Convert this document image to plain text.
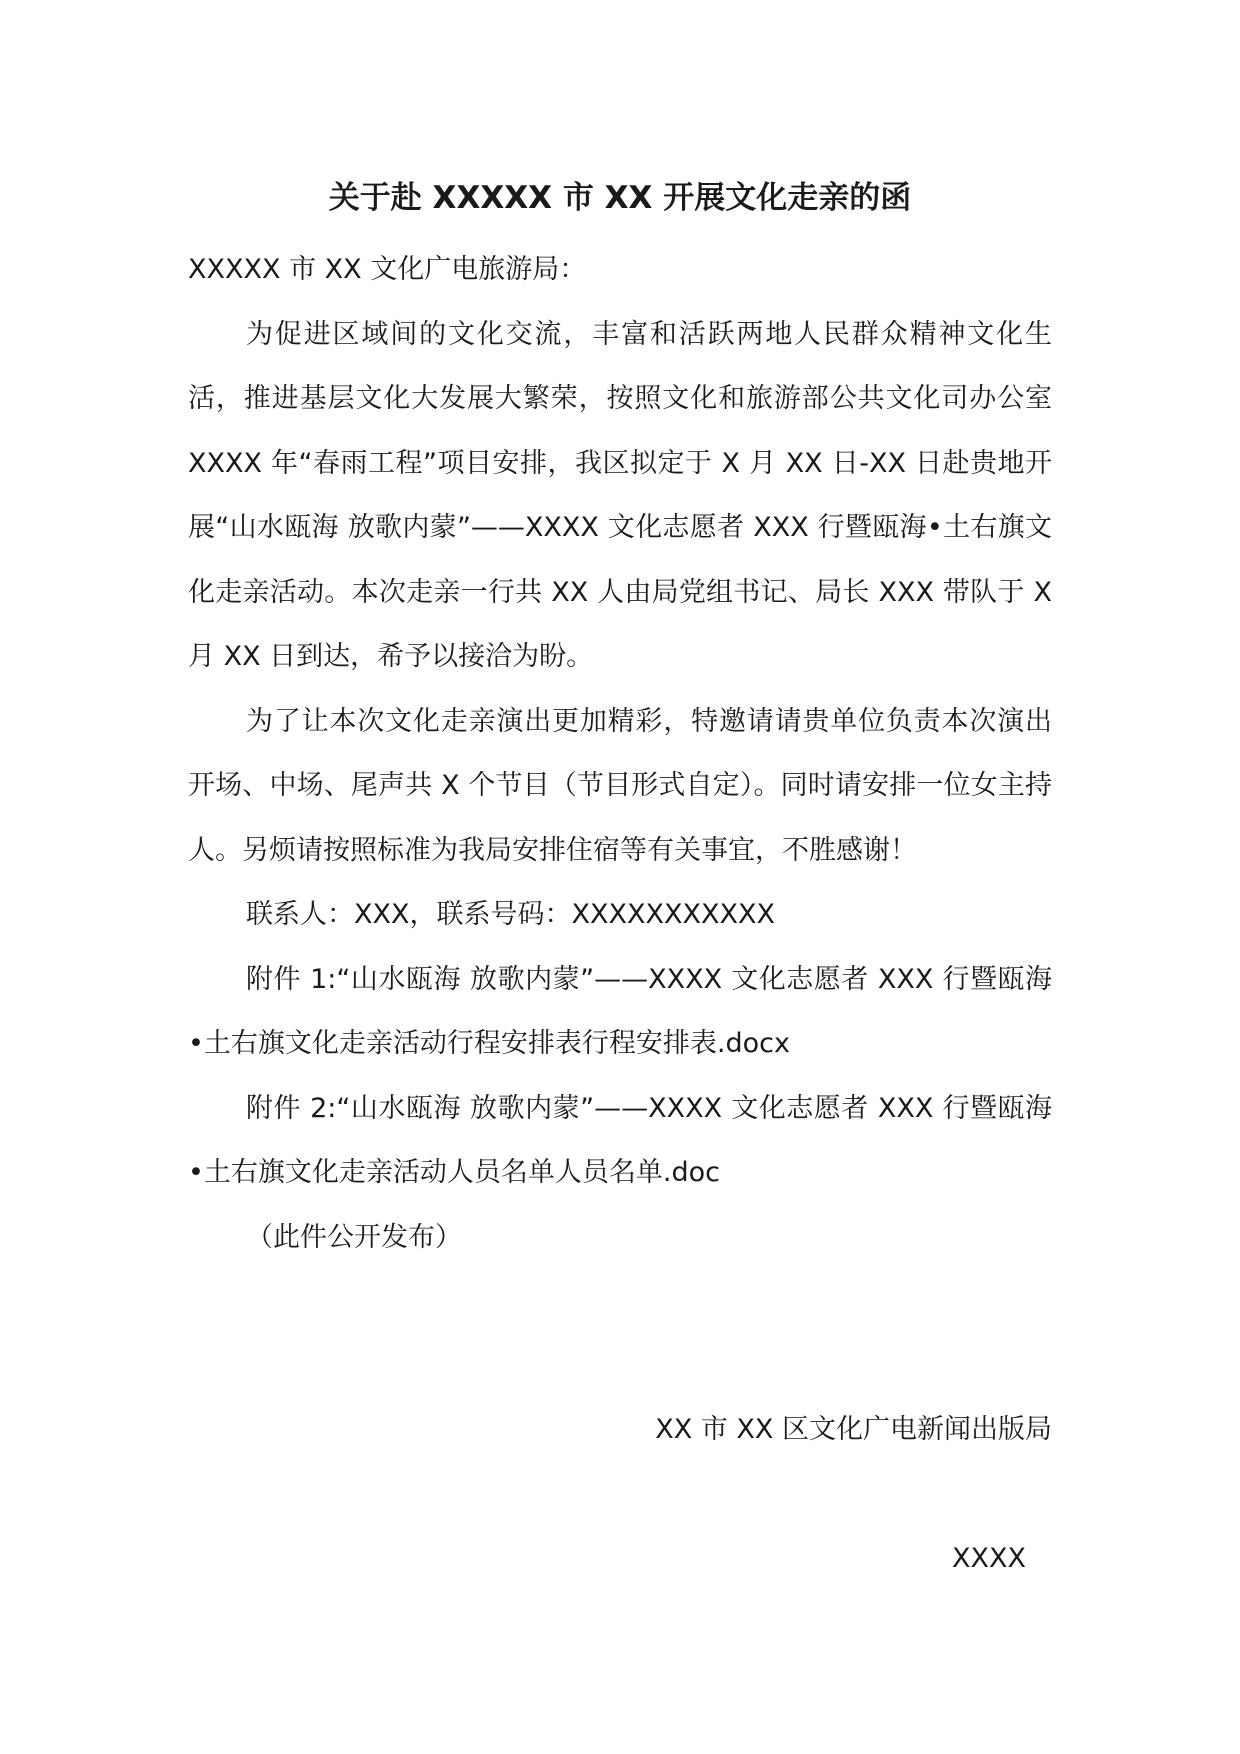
关于赴 XXXXX 市 XX 开展文化走亲的函

XXXXX 市 XX 文化广电旅游局：

为促进区域间的文化交流，丰富和活跃两地人民群众精神文化生活，推进基层文化大发展大繁荣，按照文化和旅游部公共文化司办公室 XXXX 年“春雨工程”项目安排，我区拟定于 X 月 XX 日-XX 日赴贵地开展“山水瓯海 放歌内蒙”——XXXX 文化志愿者 XXX 行暨瓯海•土右旗文化走亲活动。本次走亲一行共 XX 人由局党组书记、局长 XXX 带队于 X 月 XX 日到达，希予以接洽为盼。

为了让本次文化走亲演出更加精彩，特邀请请贵单位负责本次演出开场、中场、尾声共 X 个节目（节目形式自定）。同时请安排一位女主持人。另烦请按照标准为我局安排住宿等有关事宜，不胜感谢！

联系人：XXX，联系号码：XXXXXXXXXXX

附件 1:“山水瓯海 放歌内蒙”——XXXX 文化志愿者 XXX 行暨瓯海•土右旗文化走亲活动行程安排表行程安排表.docx

附件 2:“山水瓯海 放歌内蒙”——XXXX 文化志愿者 XXX 行暨瓯海•土右旗文化走亲活动人员名单人员名单.doc

（此件公开发布）

XX 市 XX 区文化广电新闻出版局

XXXX
